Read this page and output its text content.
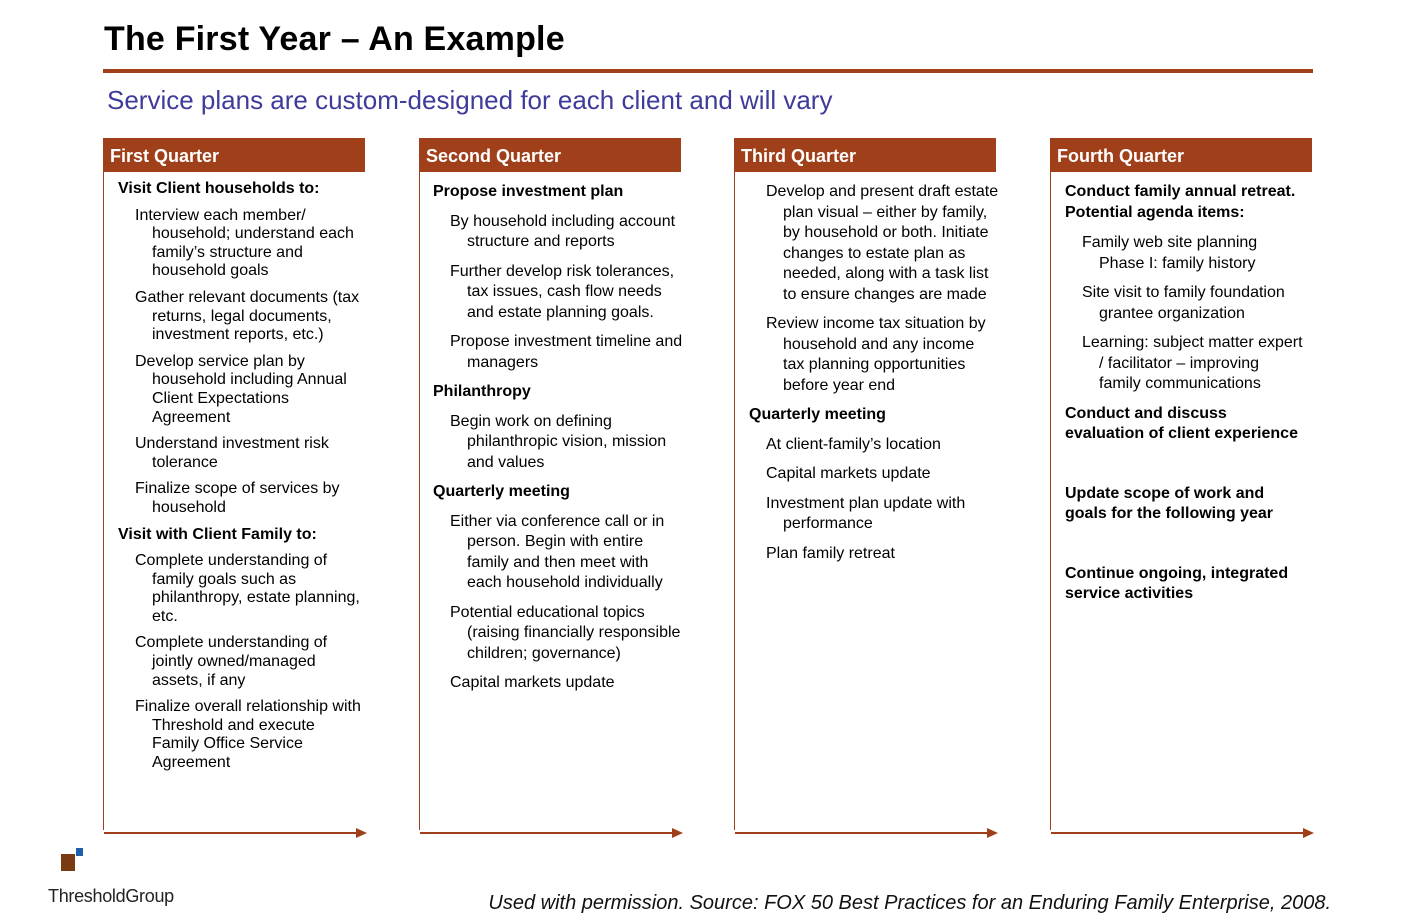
The First Year – An Example
Service plans are custom-designed for each client and will vary
First Quarter
Visit Client households to:
Interview each member/ household; understand each family’s structure and household goals
Gather relevant documents (tax returns, legal documents, investment reports, etc.)
Develop service plan by household including Annual Client Expectations Agreement
Understand investment risk tolerance
Finalize scope of services by household
Visit with Client Family to:
Complete understanding of family goals such as philanthropy, estate planning, etc.
Complete understanding of jointly owned/managed assets, if any
Finalize overall relationship with Threshold and execute Family Office Service Agreement
Second Quarter
Propose investment plan
By household including account structure and reports
Further develop risk tolerances, tax issues, cash flow needs and estate planning goals.
Propose investment timeline and managers
Philanthropy
Begin work on defining philanthropic vision, mission and values
Quarterly meeting
Either via conference call or in person. Begin with entire family and then meet with each household individually
Potential educational topics (raising financially responsible children; governance)
Capital markets update
Third Quarter
Develop and present draft estate plan visual – either by family, by household or both. Initiate changes to estate plan as needed, along with a task list to ensure changes are made
Review income tax situation by household and any income tax planning opportunities before year end
Quarterly meeting
At client-family’s location
Capital markets update
Investment plan update with performance
Plan family retreat
Fourth Quarter
Conduct family annual retreat. Potential agenda items:
Family web site planning Phase I: family history
Site visit to family foundation grantee organization
Learning: subject matter expert / facilitator – improving family communications
Conduct and discuss evaluation of client experience
Update scope of work and goals for the following year
Continue ongoing, integrated service activities
ThresholdGroup	Used with permission. Source: FOX 50 Best Practices for an Enduring Family Enterprise, 2008.
